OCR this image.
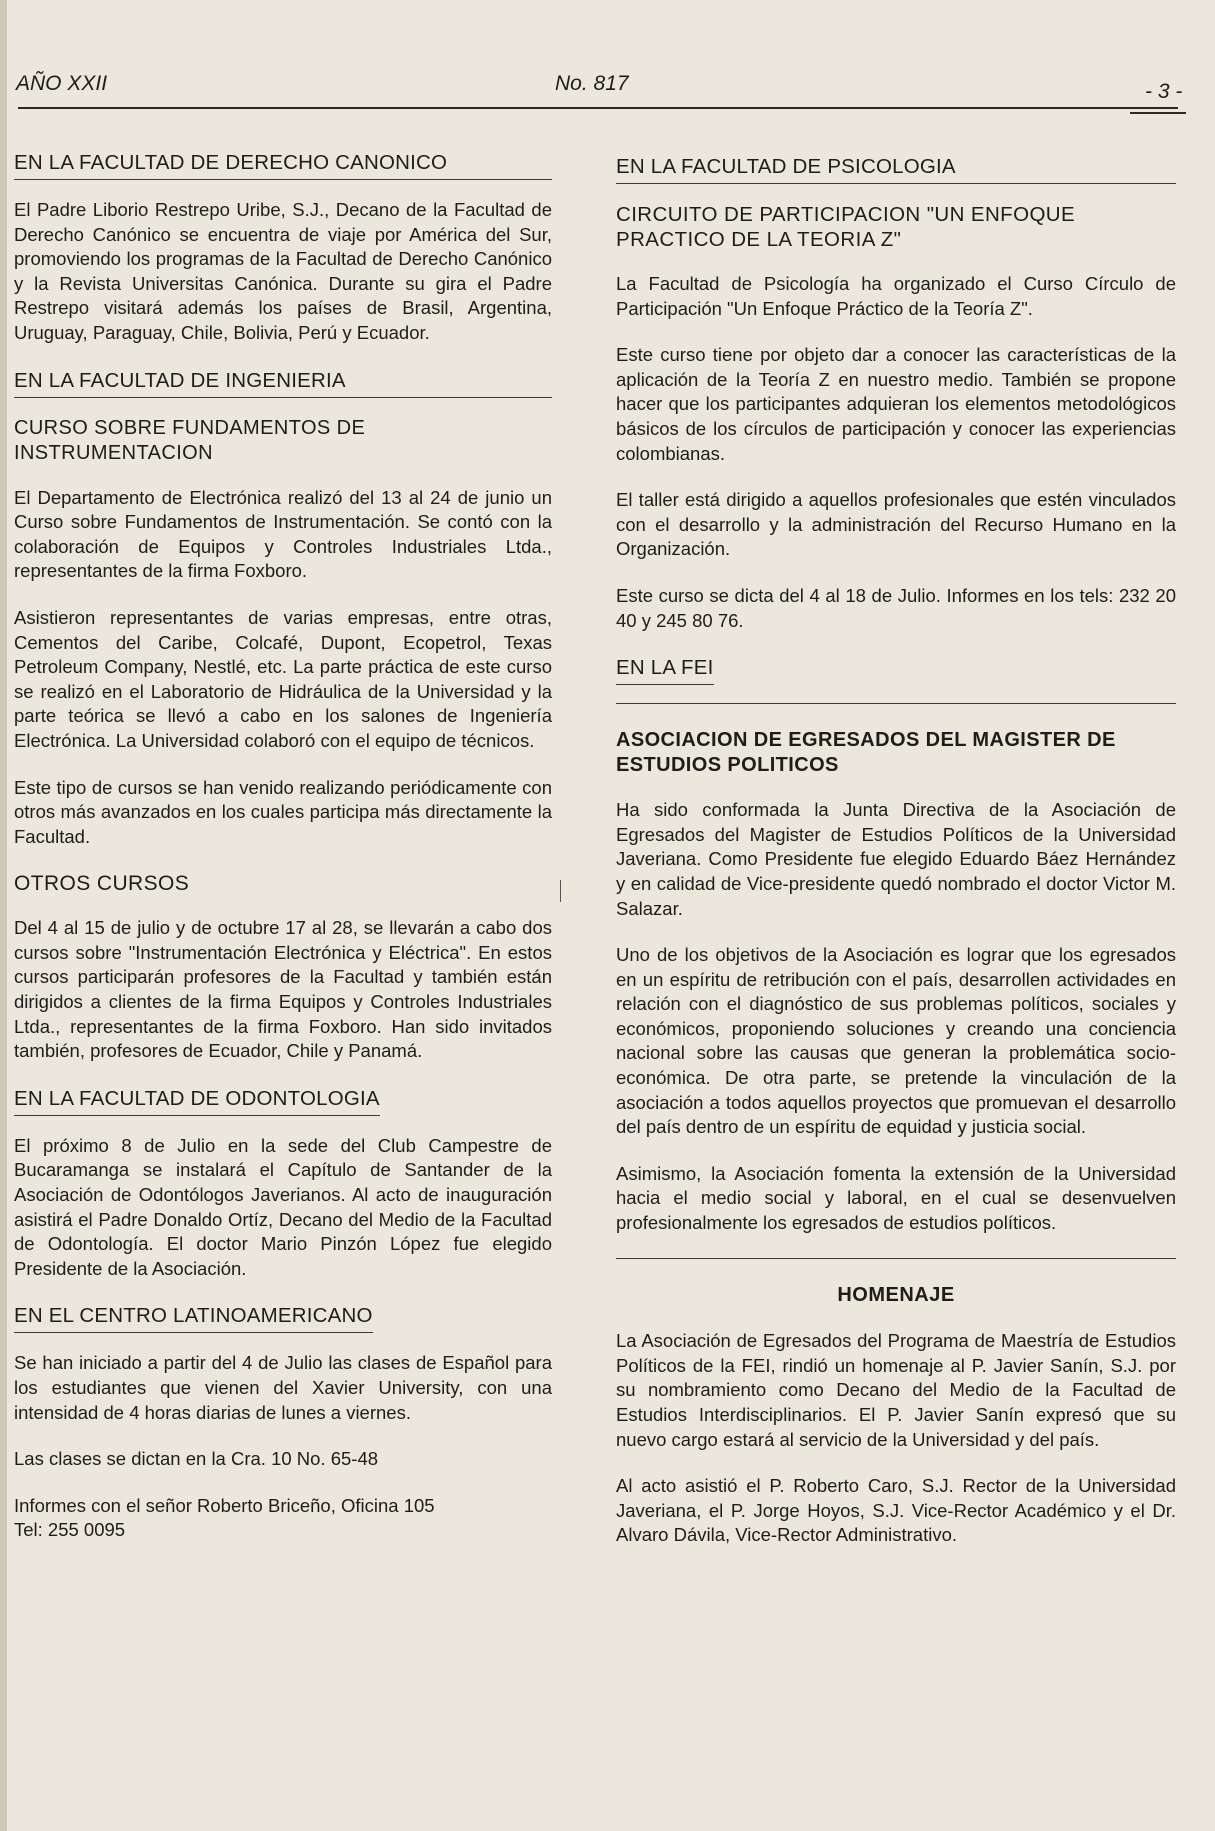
AÑO XXII	No. 817	- 3 -
EN LA FACULTAD DE DERECHO CANONICO

El Padre Liborio Restrepo Uribe, S.J., Decano de la Facultad de Derecho Canónico se encuentra de viaje por América del Sur, promoviendo los programas de la Facultad de Derecho Canónico y la Revista Universitas Canónica. Durante su gira el Padre Restrepo visitará además los países de Brasil, Argentina, Uruguay, Paraguay, Chile, Bolivia, Perú y Ecuador.

EN LA FACULTAD DE INGENIERIA
CURSO SOBRE FUNDAMENTOS DE INSTRUMENTACION

El Departamento de Electrónica realizó del 13 al 24 de junio un Curso sobre Fundamentos de Instrumentación. Se contó con la colaboración de Equipos y Controles Industriales Ltda., representantes de la firma Foxboro.

Asistieron representantes de varias empresas, entre otras, Cementos del Caribe, Colcafé, Dupont, Ecopetrol, Texas Petroleum Company, Nestlé, etc. La parte práctica de este curso se realizó en el Laboratorio de Hidráulica de la Universidad y la parte teórica se llevó a cabo en los salones de Ingeniería Electrónica. La Universidad colaboró con el equipo de técnicos.

Este tipo de cursos se han venido realizando periódicamente con otros más avanzados en los cuales participa más directamente la Facultad.

OTROS CURSOS

Del 4 al 15 de julio y de octubre 17 al 28, se llevarán a cabo dos cursos sobre "Instrumentación Electrónica y Eléctrica". En estos cursos participarán profesores de la Facultad y también están dirigidos a clientes de la firma Equipos y Controles Industriales Ltda., representantes de la firma Foxboro. Han sido invitados también, profesores de Ecuador, Chile y Panamá.

EN LA FACULTAD DE ODONTOLOGIA

El próximo 8 de Julio en la sede del Club Campestre de Bucaramanga se instalará el Capítulo de Santander de la Asociación de Odontólogos Javerianos. Al acto de inauguración asistirá el Padre Donaldo Ortíz, Decano del Medio de la Facultad de Odontología. El doctor Mario Pinzón López fue elegido Presidente de la Asociación.

EN EL CENTRO LATINOAMERICANO

Se han iniciado a partir del 4 de Julio las clases de Español para los estudiantes que vienen del Xavier University, con una intensidad de 4 horas diarias de lunes a viernes.

Las clases se dictan en la Cra. 10 No. 65-48

Informes con el señor Roberto Briceño, Oficina 105
Tel: 255 0095
EN LA FACULTAD DE PSICOLOGIA
CIRCUITO DE PARTICIPACION "UN ENFOQUE PRACTICO DE LA TEORIA Z"

La Facultad de Psicología ha organizado el Curso Círculo de Participación "Un Enfoque Práctico de la Teoría Z".

Este curso tiene por objeto dar a conocer las características de la aplicación de la Teoría Z en nuestro medio. También se propone hacer que los participantes adquieran los elementos metodológicos básicos de los círculos de participación y conocer las experiencias colombianas.

El taller está dirigido a aquellos profesionales que estén vinculados con el desarrollo y la administración del Recurso Humano en la Organización.

Este curso se dicta del 4 al 18 de Julio. Informes en los tels: 232 20 40 y 245 80 76.

EN LA FEI
ASOCIACION DE EGRESADOS DEL MAGISTER DE ESTUDIOS POLITICOS

Ha sido conformada la Junta Directiva de la Asociación de Egresados del Magister de Estudios Políticos de la Universidad Javeriana. Como Presidente fue elegido Eduardo Báez Hernández y en calidad de Vice-presidente quedó nombrado el doctor Victor M. Salazar.

Uno de los objetivos de la Asociación es lograr que los egresados en un espíritu de retribución con el país, desarrollen actividades en relación con el diagnóstico de sus problemas políticos, sociales y económicos, proponiendo soluciones y creando una conciencia nacional sobre las causas que generan la problemática socio-económica. De otra parte, se pretende la vinculación de la asociación a todos aquellos proyectos que promuevan el desarrollo del país dentro de un espíritu de equidad y justicia social.

Asimismo, la Asociación fomenta la extensión de la Universidad hacia el medio social y laboral, en el cual se desenvuelven profesionalmente los egresados de estudios políticos.

HOMENAJE

La Asociación de Egresados del Programa de Maestría de Estudios Políticos de la FEI, rindió un homenaje al P. Javier Sanín, S.J. por su nombramiento como Decano del Medio de la Facultad de Estudios Interdisciplinarios. El P. Javier Sanín expresó que su nuevo cargo estará al servicio de la Universidad y del país.

Al acto asistió el P. Roberto Caro, S.J. Rector de la Universidad Javeriana, el P. Jorge Hoyos, S.J. Vice-Rector Académico y el Dr. Alvaro Dávila, Vice-Rector Administrativo.
